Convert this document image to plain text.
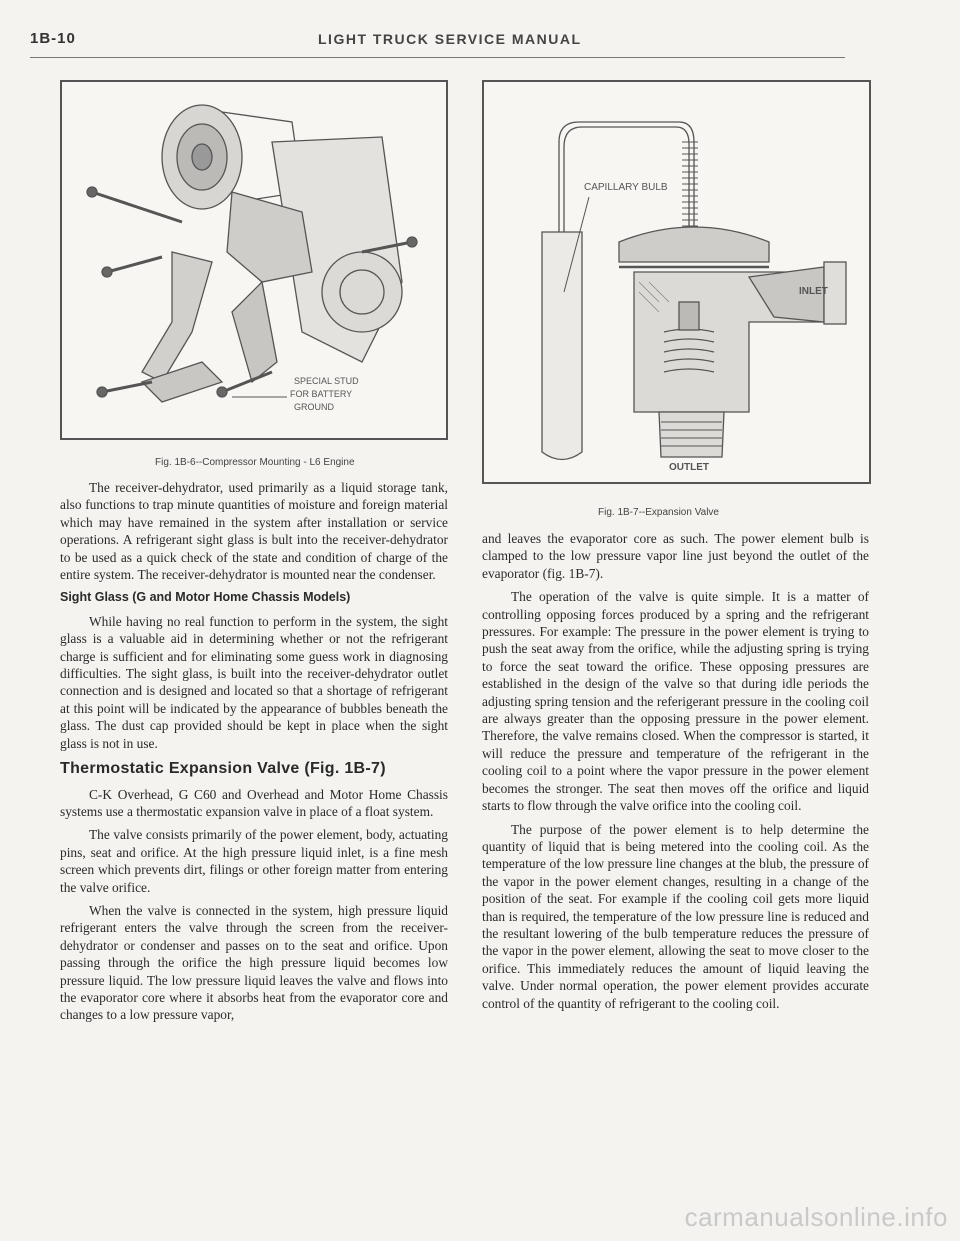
1B-10	LIGHT TRUCK SERVICE MANUAL
SPECIAL STUD
FOR BATTERY
GROUND
Fig. 1B-6--Compressor Mounting - L6 Engine
CAPILLARY BULB
INLET
OUTLET
Fig. 1B-7--Expansion Valve

The receiver-dehydrator, used primarily as a liquid storage tank, also functions to trap minute quantities of moisture and foreign material which may have remained in the system after installation or service operations. A refrigerant sight glass is bult into the receiver-dehydrator to be used as a quick check of the state and condition of charge of the entire system. The receiver-dehydrator is mounted near the condenser.

Sight Glass (G and Motor Home Chassis Models)

While having no real function to perform in the system, the sight glass is a valuable aid in determining whether or not the refrigerant charge is sufficient and for eliminating some guess work in diagnosing difficulties. The sight glass, is built into the receiver-dehydrator outlet connection and is designed and located so that a shortage of refrigerant at this point will be indicated by the appearance of bubbles beneath the glass. The dust cap provided should be kept in place when the sight glass is not in use.

Thermostatic Expansion Valve (Fig. 1B-7)

C-K Overhead, G C60 and Overhead and Motor Home Chassis systems use a thermostatic expansion valve in place of a float system.

The valve consists primarily of the power element, body, actuating pins, seat and orifice. At the high pressure liquid inlet, is a fine mesh screen which prevents dirt, filings or other foreign matter from entering the valve orifice.

When the valve is connected in the system, high pressure liquid refrigerant enters the valve through the screen from the receiver-dehydrator or condenser and passes on to the seat and orifice. Upon passing through the orifice the high pressure liquid becomes low pressure liquid. The low pressure liquid leaves the valve and flows into the evaporator core where it absorbs heat from the evaporator core and changes to a low pressure vapor,

and leaves the evaporator core as such. The power element bulb is clamped to the low pressure vapor line just beyond the outlet of the evaporator (fig. 1B-7).

The operation of the valve is quite simple. It is a matter of controlling opposing forces produced by a spring and the refrigerant pressures. For example: The pressure in the power element is trying to push the seat away from the orifice, while the adjusting spring is trying to force the seat toward the orifice. These opposing pressures are established in the design of the valve so that during idle periods the adjusting spring tension and the referigerant pressure in the cooling coil are always greater than the opposing pressure in the power element. Therefore, the valve remains closed. When the compressor is started, it will reduce the pressure and temperature of the refrigerant in the cooling coil to a point where the vapor pressure in the power element becomes the stronger. The seat then moves off the orifice and liquid starts to flow through the valve orifice into the cooling coil.

The purpose of the power element is to help determine the quantity of liquid that is being metered into the cooling coil. As the temperature of the low pressure line changes at the blub, the pressure of the vapor in the power element changes, resulting in a change of the position of the seat. For example if the cooling coil gets more liquid than is required, the temperature of the low pressure line is reduced and the resultant lowering of the bulb temperature reduces the pressure of the vapor in the power element, allowing the seat to move closer to the orifice. This immediately reduces the amount of liquid leaving the valve. Under normal operation, the power element provides accurate control of the quantity of refrigerant to the cooling coil.

carmanualsonline.info
